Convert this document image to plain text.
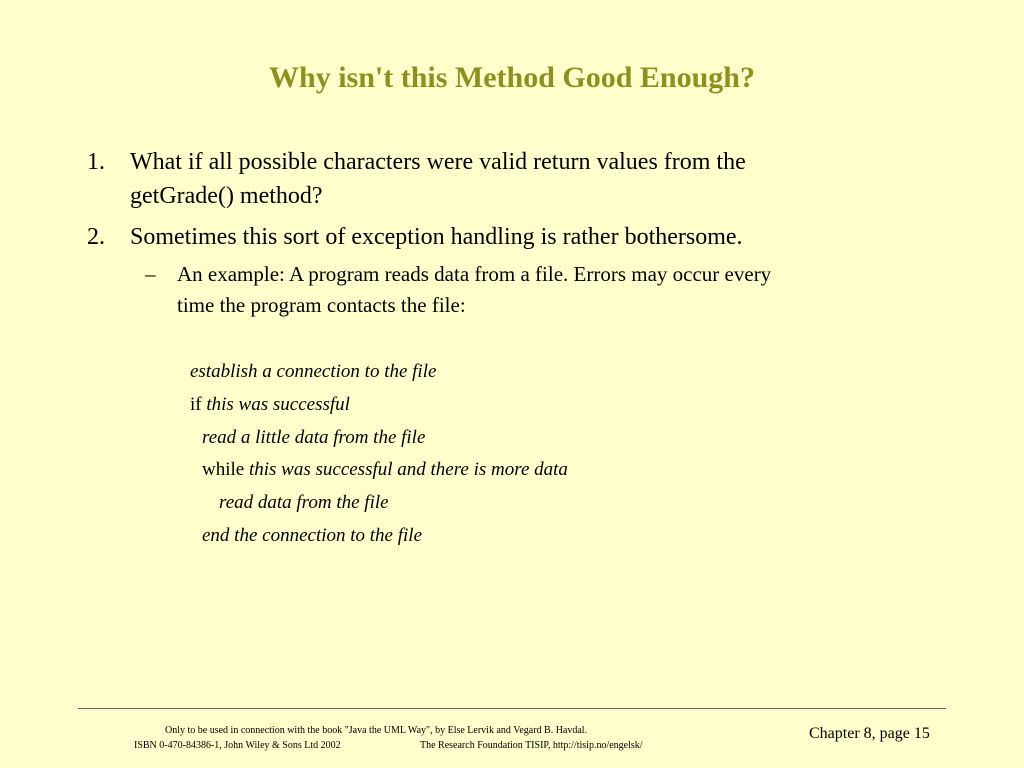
Why isn't this Method Good Enough?
1. What if all possible characters were valid return values from the
getGrade() method?
2. Sometimes this sort of exception handling is rather bothersome.
– An example: A program reads data from a file. Errors may occur every
time the program contacts the file:
establish a connection to the file
if this was successful
read a little data from the file
while this was successful and there is more data
read data from the file
end the connection to the file
Only to be used in connection with the book "Java the UML Way", by Else Lervik and Vegard B. Havdal.
ISBN 0-470-84386-1, John Wiley & Sons Ltd 2002	The Research Foundation TISIP, http://tisip.no/engelsk/
Chapter 8, page 15
